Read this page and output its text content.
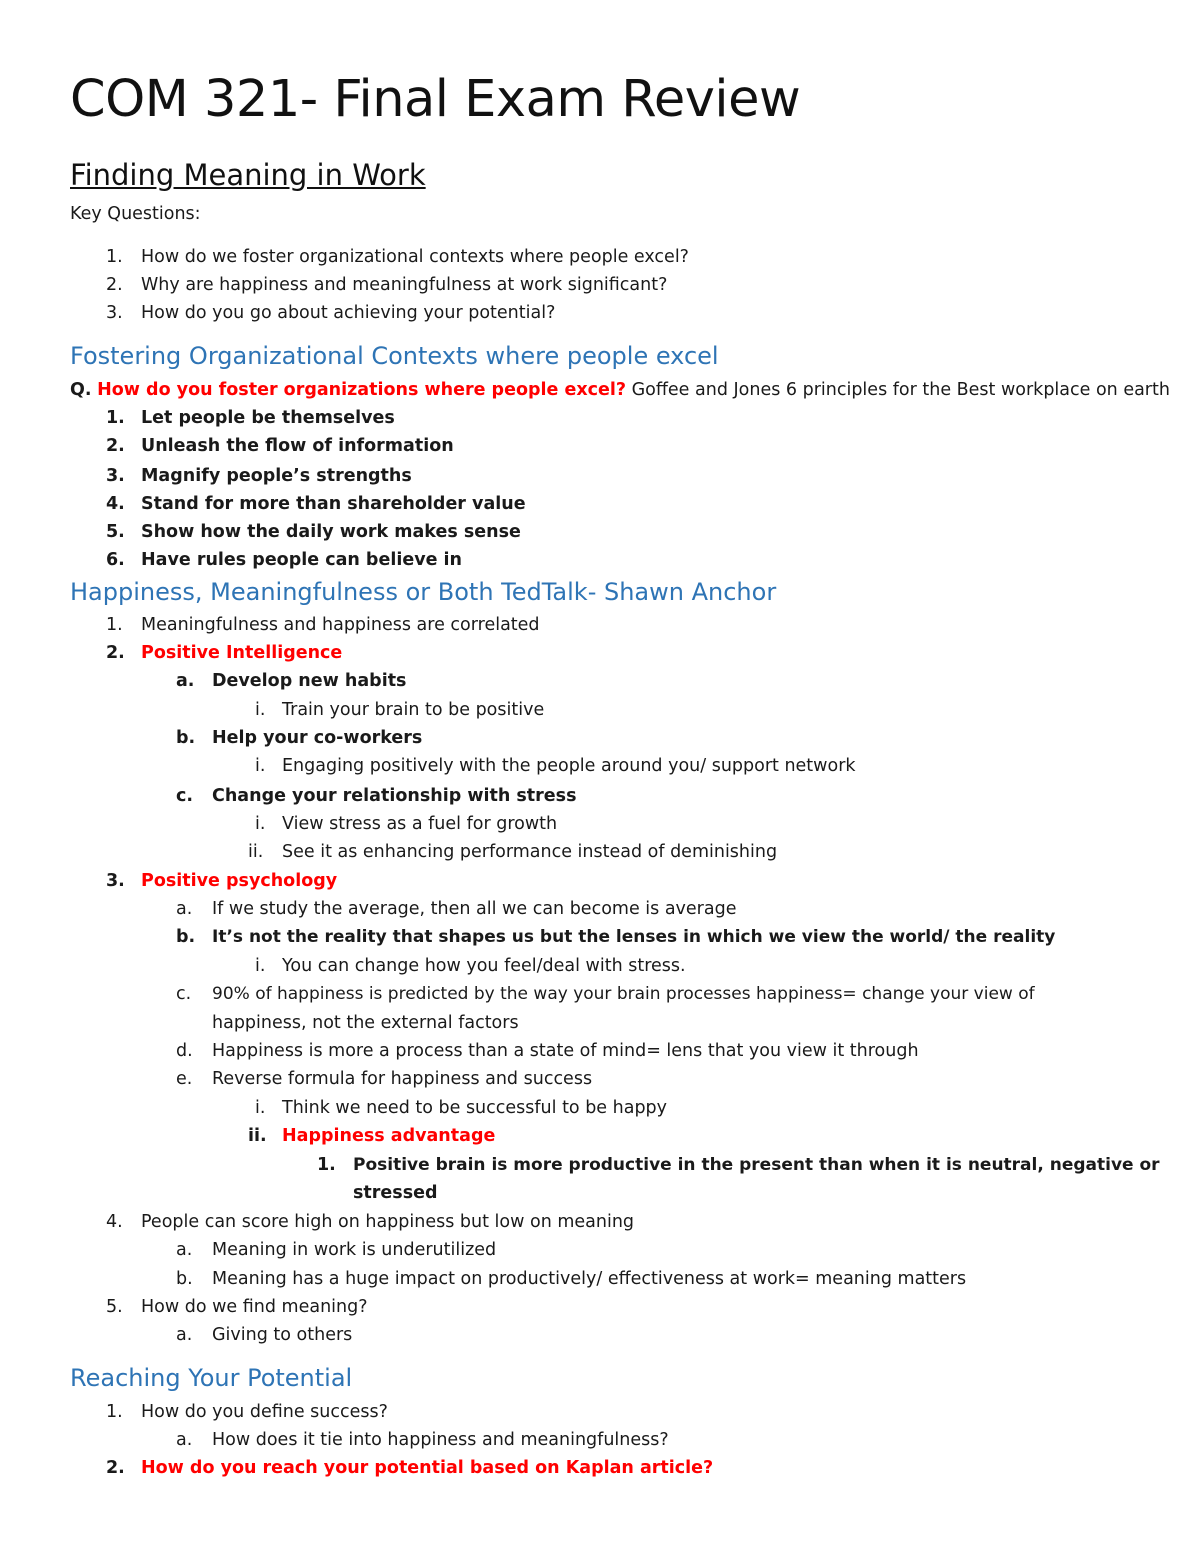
COM 321- Final Exam Review
Finding Meaning in Work

Key Questions:

1. How do we foster organizational contexts where people excel?
2. Why are happiness and meaningfulness at work significant?
3. How do you go about achieving your potential?
Fostering Organizational Contexts where people excel

Q. How do you foster organizations where people excel? Goffee and Jones 6 principles for the Best workplace on earth

1. Let people be themselves
2. Unleash the flow of information
3. Magnify people’s strengths
4. Stand for more than shareholder value
5. Show how the daily work makes sense
6. Have rules people can believe in
Happiness, Meaningfulness or Both TedTalk- Shawn Anchor
1. Meaningfulness and happiness are correlated
2. Positive Intelligence
a. Develop new habits
i. Train your brain to be positive
b. Help your co-workers
i. Engaging positively with the people around you/ support network
c. Change your relationship with stress
i. View stress as a fuel for growth
ii. See it as enhancing performance instead of deminishing
3. Positive psychology
a. If we study the average, then all we can become is average
b. It’s not the reality that shapes us but the lenses in which we view the world/ the reality
i. You can change how you feel/deal with stress.
c. 90% of happiness is predicted by the way your brain processes happiness= change your view of
happiness, not the external factors
d. Happiness is more a process than a state of mind= lens that you view it through
e. Reverse formula for happiness and success
i. Think we need to be successful to be happy
ii. Happiness advantage
1. Positive brain is more productive in the present than when it is neutral, negative or
stressed
4. People can score high on happiness but low on meaning
a. Meaning in work is underutilized
b. Meaning has a huge impact on productively/ effectiveness at work= meaning matters
5. How do we find meaning?
a. Giving to others
Reaching Your Potential
1. How do you define success?
a. How does it tie into happiness and meaningfulness?
2. How do you reach your potential based on Kaplan article?
